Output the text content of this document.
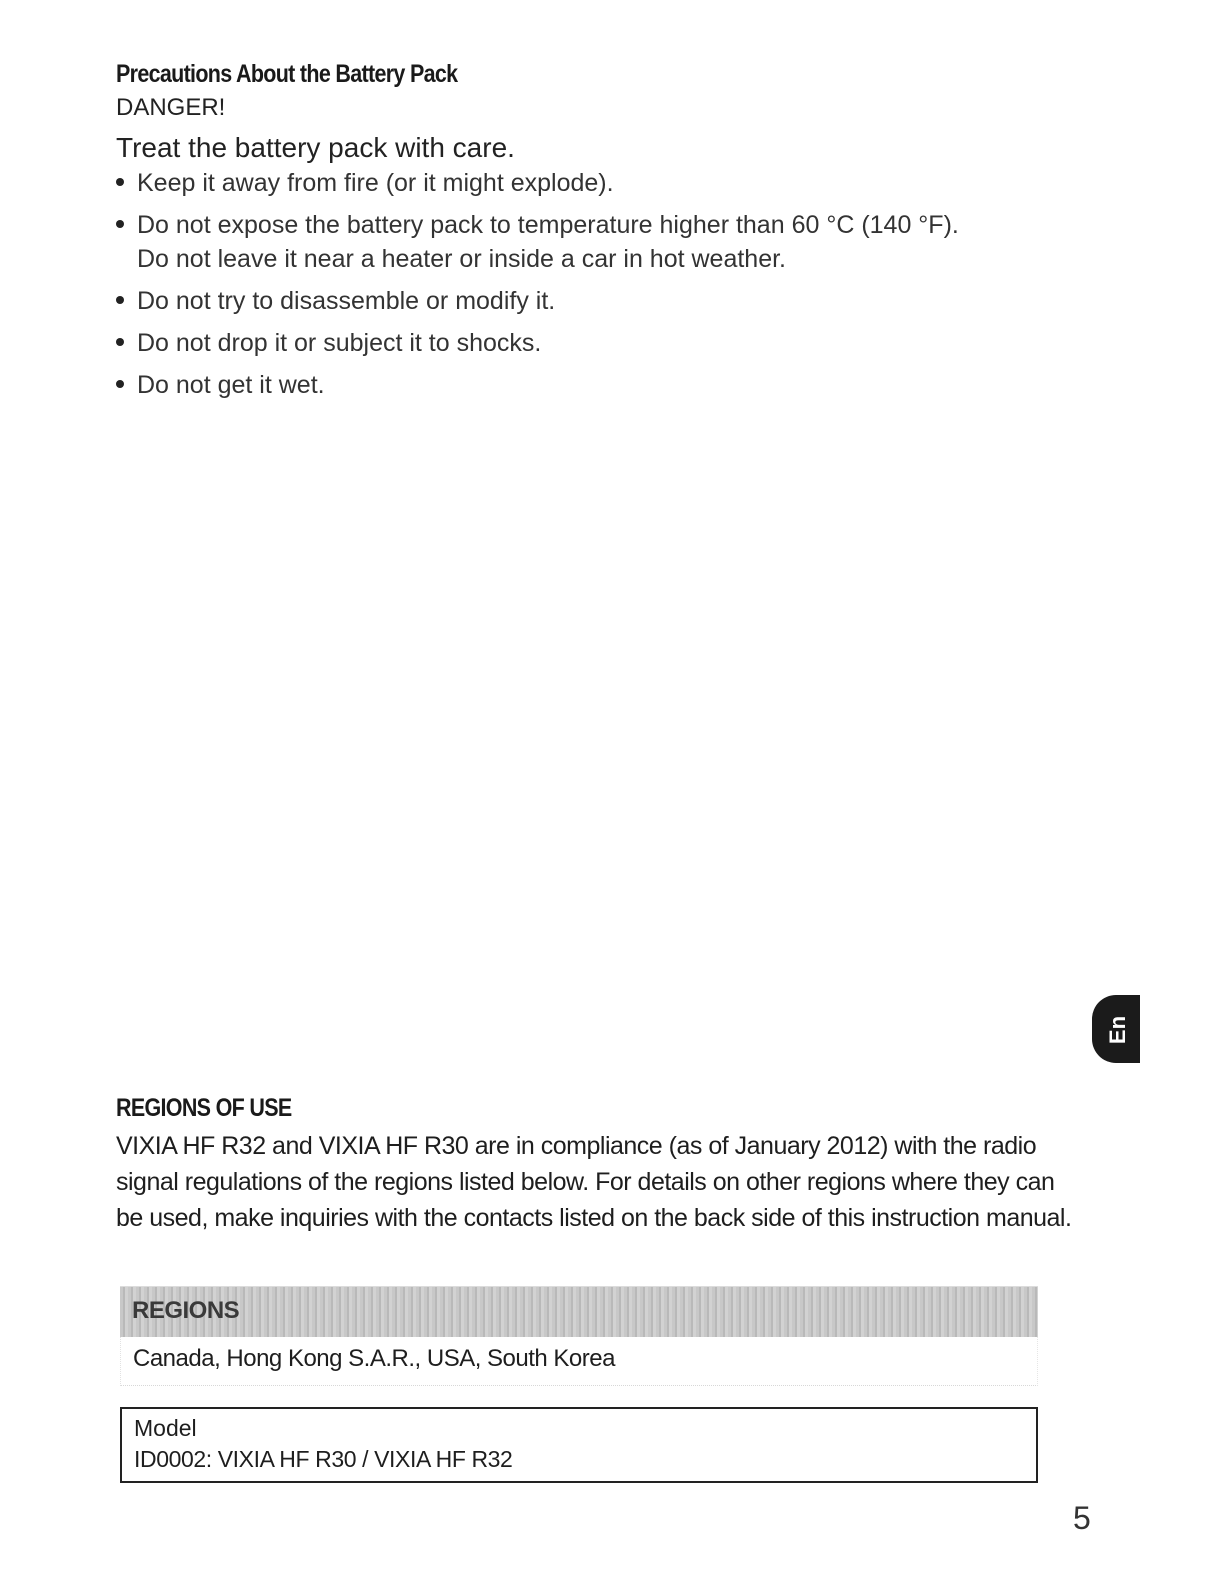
Precautions About the Battery Pack

DANGER!

Treat the battery pack with care.
Keep it away from fire (or it might explode).
Do not expose the battery pack to temperature higher than 60 °C (140 °F).
Do not leave it near a heater or inside a car in hot weather.
Do not try to disassemble or modify it.
Do not drop it or subject it to shocks.
Do not get it wet.
En
REGIONS OF USE

VIXIA HF R32 and VIXIA HF R30 are in compliance (as of January 2012) with the radio signal regulations of the regions listed below. For details on other regions where they can be used, make inquiries with the contacts listed on the back side of this instruction manual.

REGIONS
Canada, Hong Kong S.A.R., USA, South Korea
Model
ID0002: VIXIA HF R30 / VIXIA HF R32
5
